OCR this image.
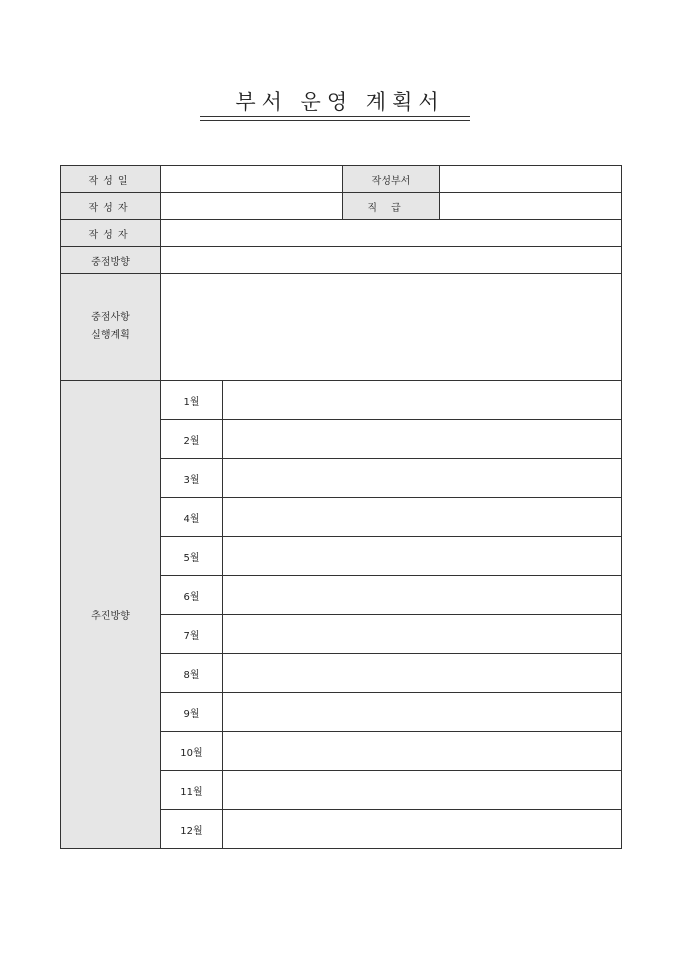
부서 운영 계획서
작성일			작성부서	
작성자			직급	
작성자				
중점방향				

중점사항
실행계획				

추진방향	1월			
	2월			
	3월			
	4월			
	5월			
	6월			
	7월			
	8월			
	9월			
	10월			
	11월			
	12월			
